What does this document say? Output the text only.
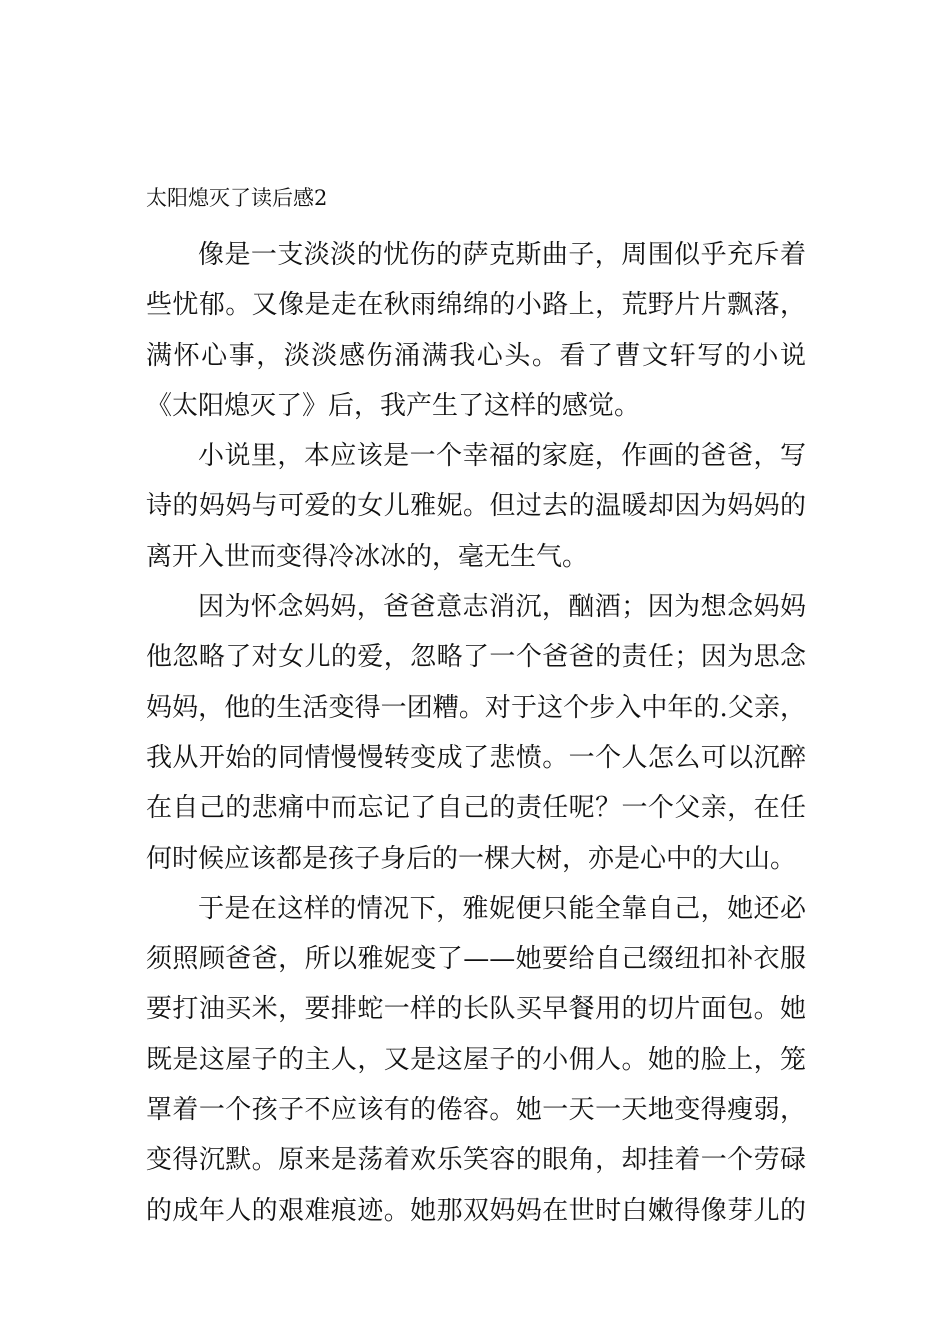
太阳熄灭了读后感2

像是一支淡淡的忧伤的萨克斯曲子，周围似乎充斥着
些忧郁。又像是走在秋雨绵绵的小路上，荒野片片飘落，
满怀心事，淡淡感伤涌满我心头。看了曹文轩写的小说
《太阳熄灭了》后，我产生了这样的感觉。

小说里，本应该是一个幸福的家庭，作画的爸爸，写
诗的妈妈与可爱的女儿雅妮。但过去的温暖却因为妈妈的
离开入世而变得冷冰冰的，毫无生气。

因为怀念妈妈，爸爸意志消沉，酗酒；因为想念妈妈
他忽略了对女儿的爱，忽略了一个爸爸的责任；因为思念
妈妈，他的生活变得一团糟。对于这个步入中年的.父亲，
我从开始的同情慢慢转变成了悲愤。一个人怎么可以沉醉
在自己的悲痛中而忘记了自己的责任呢？一个父亲，在任
何时候应该都是孩子身后的一棵大树，亦是心中的大山。

于是在这样的情况下，雅妮便只能全靠自己，她还必
须照顾爸爸，所以雅妮变了——她要给自己缀纽扣补衣服
要打油买米，要排蛇一样的长队买早餐用的切片面包。她
既是这屋子的主人，又是这屋子的小佣人。她的脸上，笼
罩着一个孩子不应该有的倦容。她一天一天地变得瘦弱，
变得沉默。原来是荡着欢乐笑容的眼角，却挂着一个劳碌
的成年人的艰难痕迹。她那双妈妈在世时白嫩得像芽儿的
